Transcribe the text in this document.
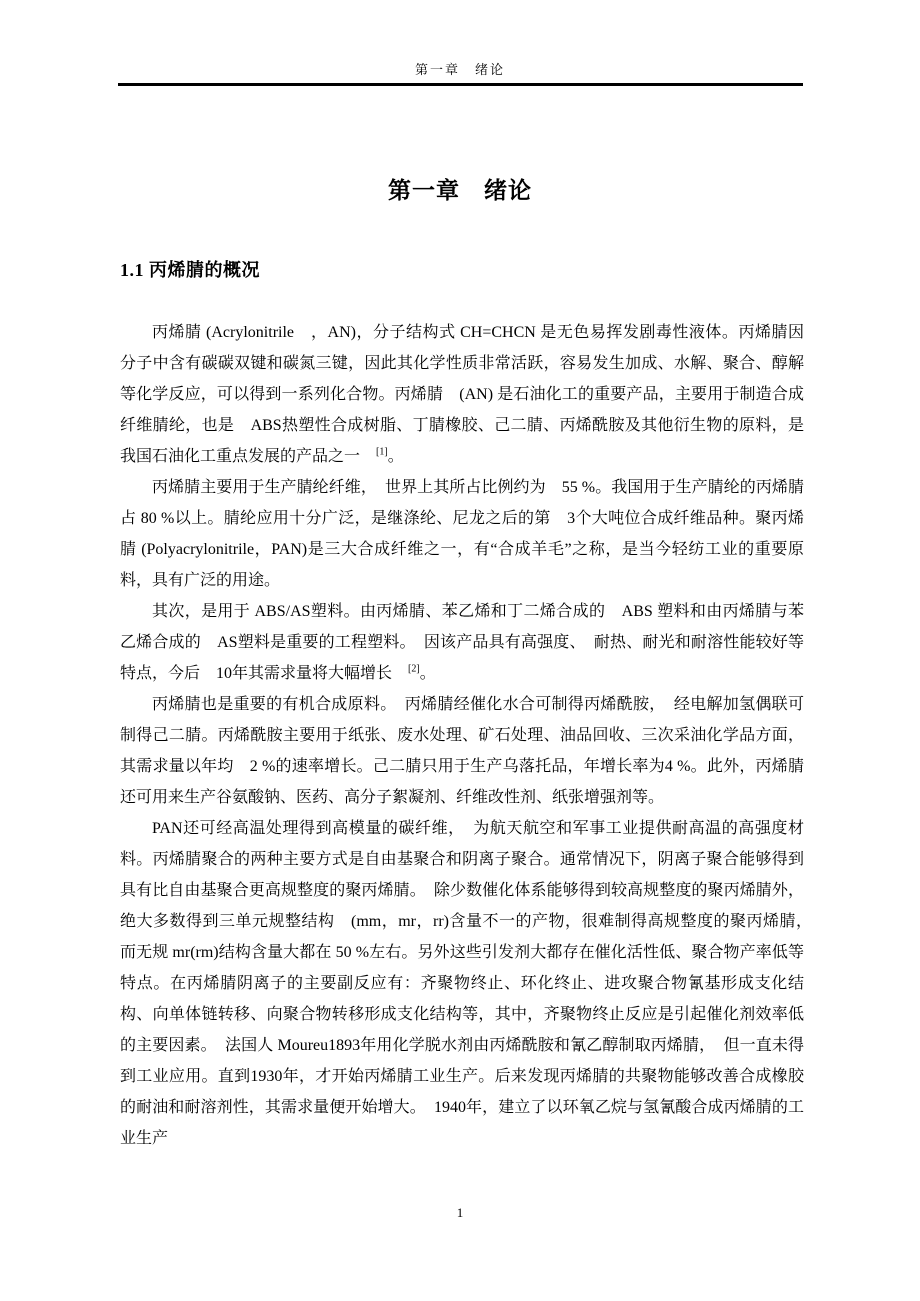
第一章　绪论
第一章　绪论
1.1 丙烯腈的概况

丙烯腈 (Acrylonitrile　，AN)，分子结构式 CH=CHCN 是无色易挥发剧毒性液体。丙烯腈因分子中含有碳碳双键和碳氮三键，因此其化学性质非常活跃，容易发生加成、水解、聚合、醇解等化学反应，可以得到一系列化合物。丙烯腈　(AN) 是石油化工的重要产品，主要用于制造合成纤维腈纶，也是　ABS热塑性合成树脂、丁腈橡胶、己二腈、丙烯酰胺及其他衍生物的原料，是我国石油化工重点发展的产品之一　[1]。

丙烯腈主要用于生产腈纶纤维，　世界上其所占比例约为　55 %。我国用于生产腈纶的丙烯腈占 80 %以上。腈纶应用十分广泛，是继涤纶、尼龙之后的第　3个大吨位合成纤维品种。聚丙烯腈 (Polyacrylonitrile，PAN)是三大合成纤维之一，有“合成羊毛”之称，是当今轻纺工业的重要原料，具有广泛的用途。

其次，是用于 ABS/AS塑料。由丙烯腈、苯乙烯和丁二烯合成的　ABS 塑料和由丙烯腈与苯乙烯合成的　AS塑料是重要的工程塑料。　因该产品具有高强度、　耐热、耐光和耐溶性能较好等特点，今后　10年其需求量将大幅增长　[2]。

丙烯腈也是重要的有机合成原料。　丙烯腈经催化水合可制得丙烯酰胺，　经电解加氢偶联可制得己二腈。丙烯酰胺主要用于纸张、废水处理、矿石处理、油品回收、三次采油化学品方面，其需求量以年均　2 %的速率增长。己二腈只用于生产乌落托品，年增长率为4 %。此外，丙烯腈还可用来生产谷氨酸钠、医药、高分子絮凝剂、纤维改性剂、纸张增强剂等。

PAN还可经高温处理得到高模量的碳纤维，　为航天航空和军事工业提供耐高温的高强度材料。丙烯腈聚合的两种主要方式是自由基聚合和阴离子聚合。通常情况下，阴离子聚合能够得到具有比自由基聚合更高规整度的聚丙烯腈。　除少数催化体系能够得到较高规整度的聚丙烯腈外，绝大多数得到三单元规整结构　(mm，mr，rr)含量不一的产物，很难制得高规整度的聚丙烯腈，　而无规 mr(rm)结构含量大都在 50 %左右。另外这些引发剂大都存在催化活性低、聚合物产率低等特点。在丙烯腈阴离子的主要副反应有：齐聚物终止、环化终止、进攻聚合物氰基形成支化结构、向单体链转移、向聚合物转移形成支化结构等，其中，齐聚物终止反应是引起催化剂效率低的主要因素。　法国人 Moureu1893年用化学脱水剂由丙烯酰胺和氰乙醇制取丙烯腈，　但一直未得到工业应用。直到1930年，才开始丙烯腈工业生产。后来发现丙烯腈的共聚物能够改善合成橡胶的耐油和耐溶剂性，其需求量便开始增大。　1940年，建立了以环氧乙烷与氢氰酸合成丙烯腈的工业生产

1
